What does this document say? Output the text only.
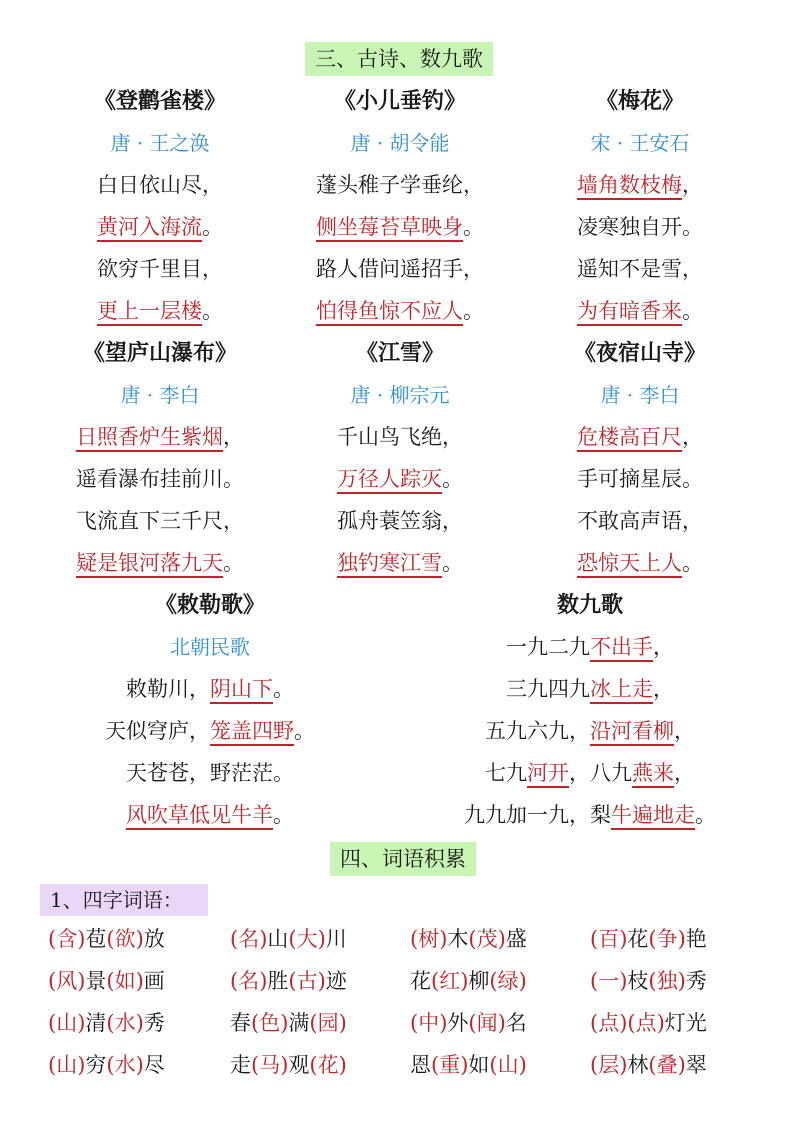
三、古诗、数九歌
《登鹳雀楼》
唐 · 王之涣
白日依山尽，
黄河入海流。
欲穷千里目，
更上一层楼。
《小儿垂钓》
唐 · 胡令能
蓬头稚子学垂纶，
侧坐莓苔草映身。
路人借问遥招手，
怕得鱼惊不应人。
《梅花》
宋 · 王安石
墙角数枝梅，
凌寒独自开。
遥知不是雪，
为有暗香来。
《望庐山瀑布》
唐 · 李白
日照香炉生紫烟，
遥看瀑布挂前川。
飞流直下三千尺，
疑是银河落九天。
《江雪》
唐 · 柳宗元
千山鸟飞绝，
万径人踪灭。
孤舟蓑笠翁，
独钓寒江雪。
《夜宿山寺》
唐 · 李白
危楼高百尺，
手可摘星辰。
不敢高声语，
恐惊天上人。
《敕勒歌》
北朝民歌
敕勒川，阴山下。
天似穹庐，笼盖四野。
天苍苍，野茫茫。
风吹草低见牛羊。
数九歌
一九二九不出手，
三九四九冰上走，
五九六九，沿河看柳，
七九河开，八九燕来，
九九加一九，梨牛遍地走。
四、词语积累
1、四字词语：
(含)苞(欲)放	(名)山(大)川	(树)木(茂)盛	(百)花(争)艳
(风)景(如)画	(名)胜(古)迹	花(红)柳(绿)	(一)枝(独)秀
(山)清(水)秀	春(色)满(园)	(中)外(闻)名	(点)(点)灯光
(山)穷(水)尽	走(马)观(花)	恩(重)如(山)	(层)林(叠)翠
